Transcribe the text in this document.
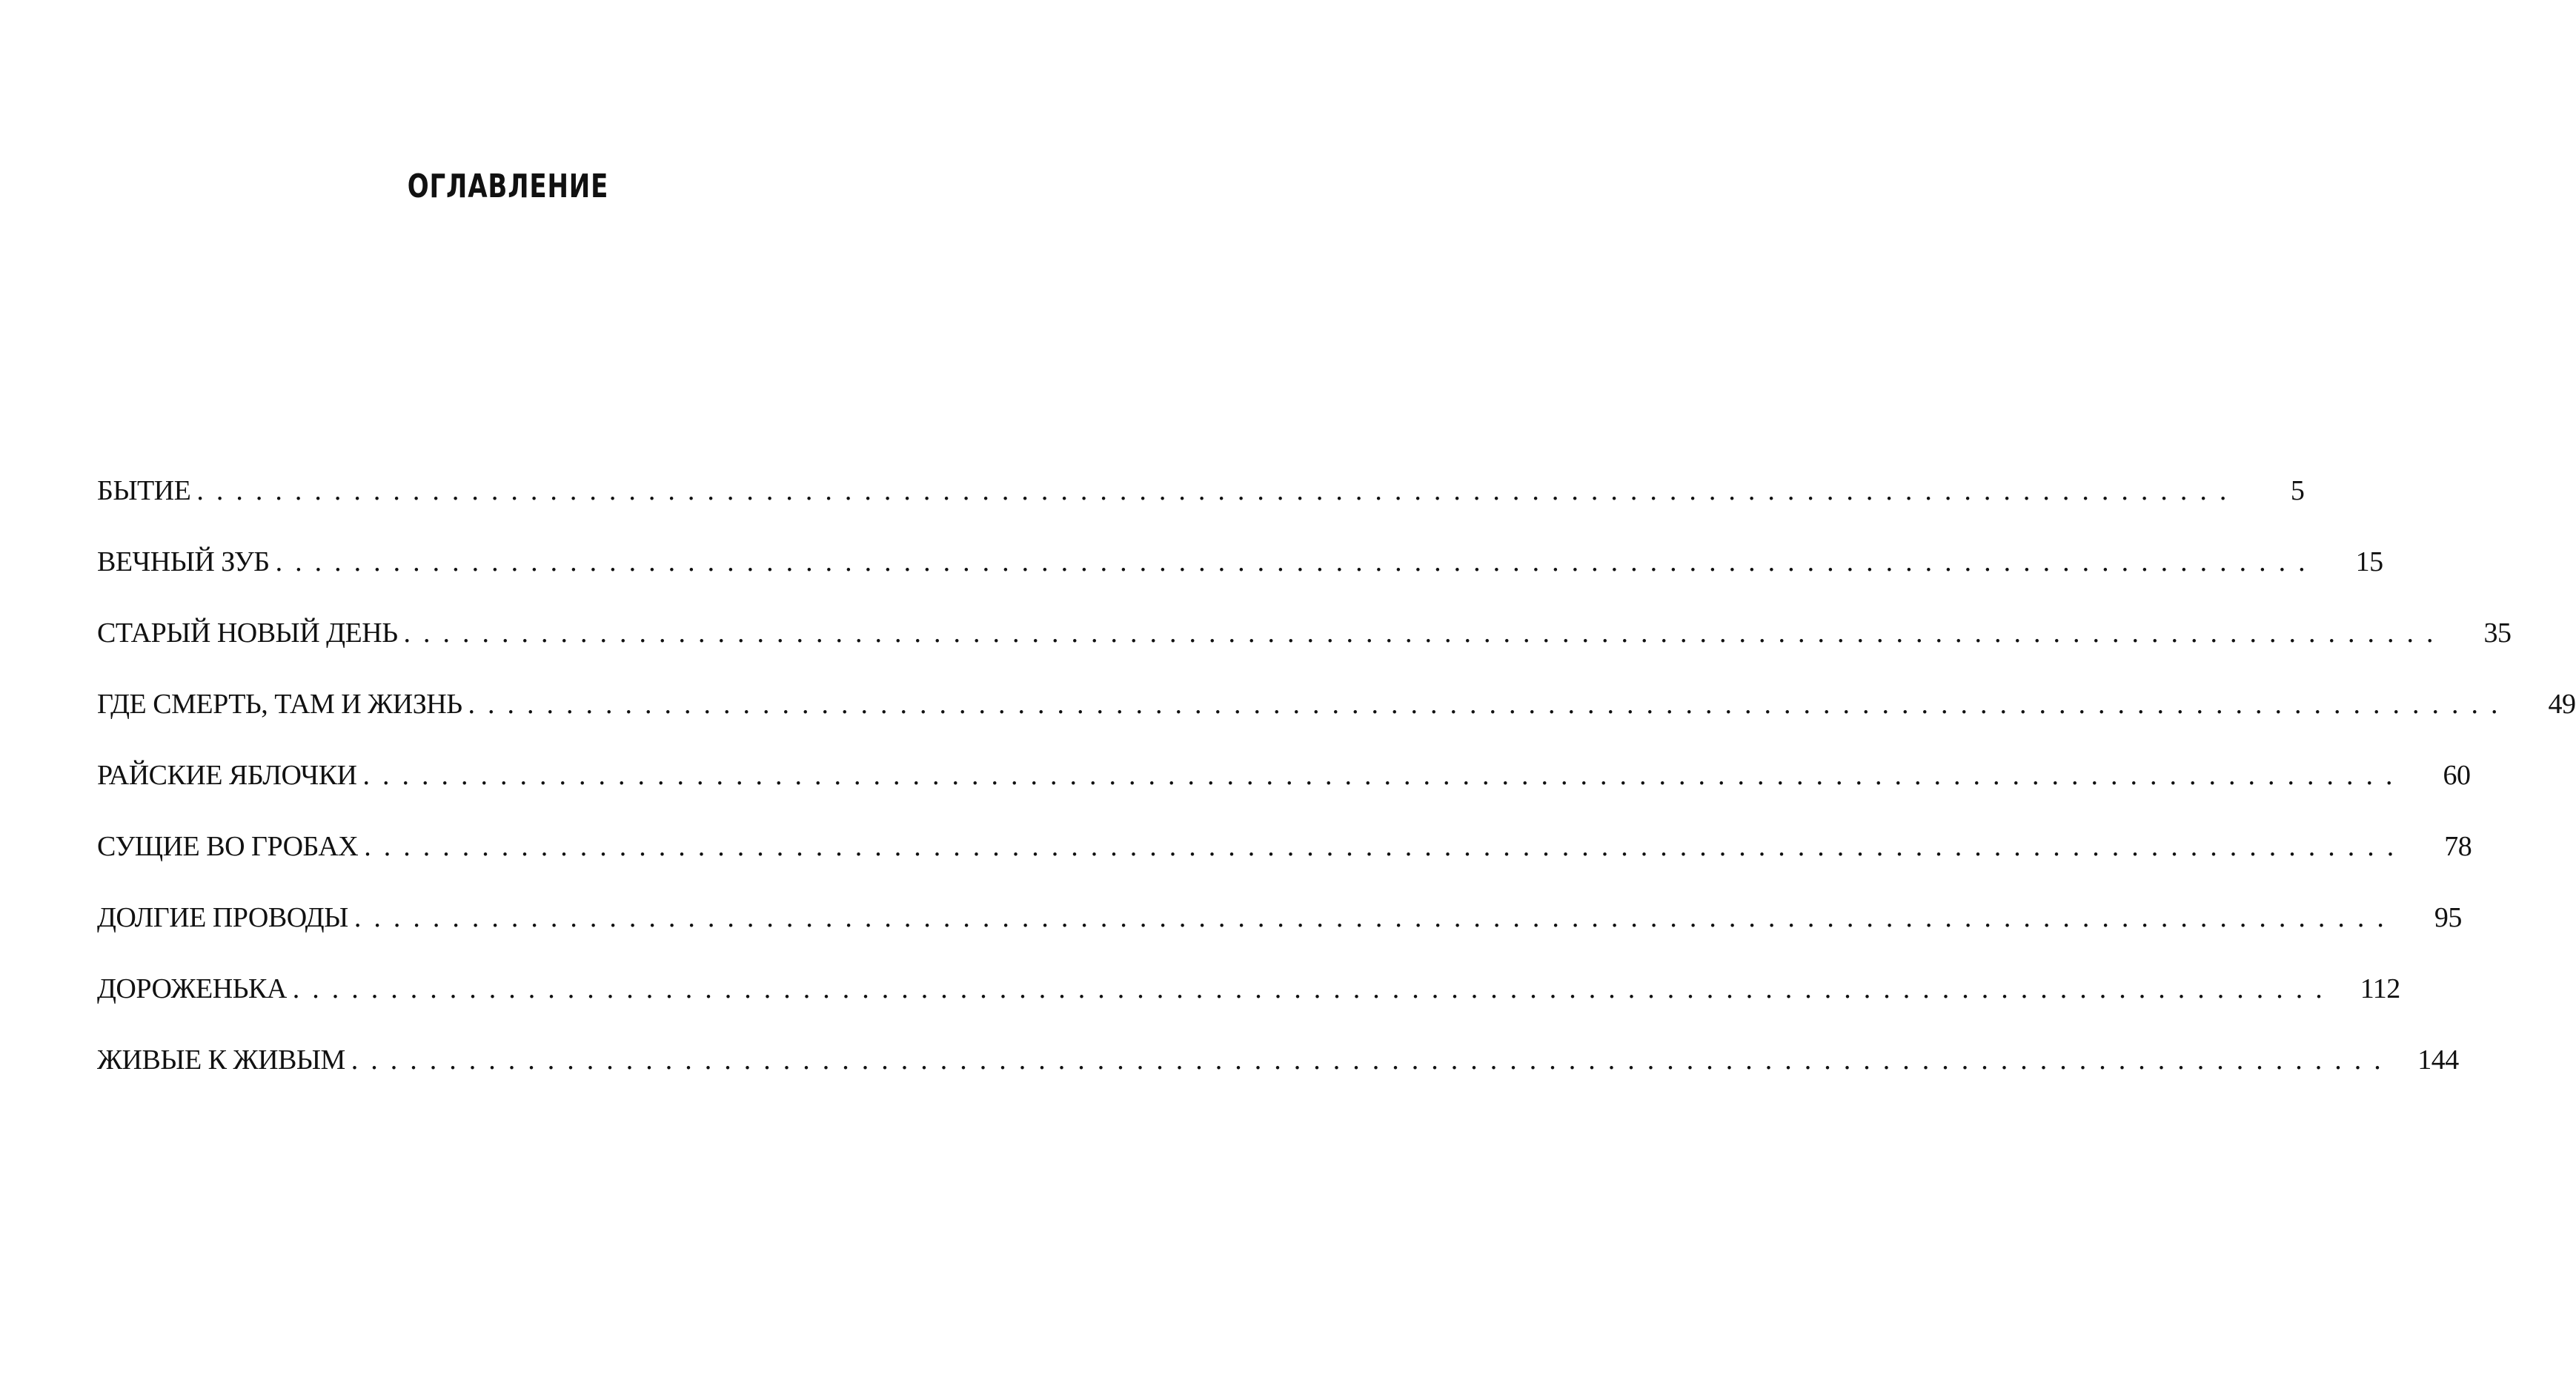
ОГЛАВЛЕНИЕ
БЫТИЕ ........................................................................................................	5
ВЕЧНЫЙ ЗУБ ........................................................................................................	15
СТАРЫЙ НОВЫЙ ДЕНЬ ........................................................................................................	35
ГДЕ СМЕРТЬ, ТАМ И ЖИЗНЬ ........................................................................................................	49
РАЙСКИЕ ЯБЛОЧКИ ........................................................................................................	60
СУЩИЕ ВО ГРОБАХ ........................................................................................................	78
ДОЛГИЕ ПРОВОДЫ ........................................................................................................	95
ДОРОЖЕНЬКА ........................................................................................................ 112
ЖИВЫЕ К ЖИВЫМ ........................................................................................................ 144
